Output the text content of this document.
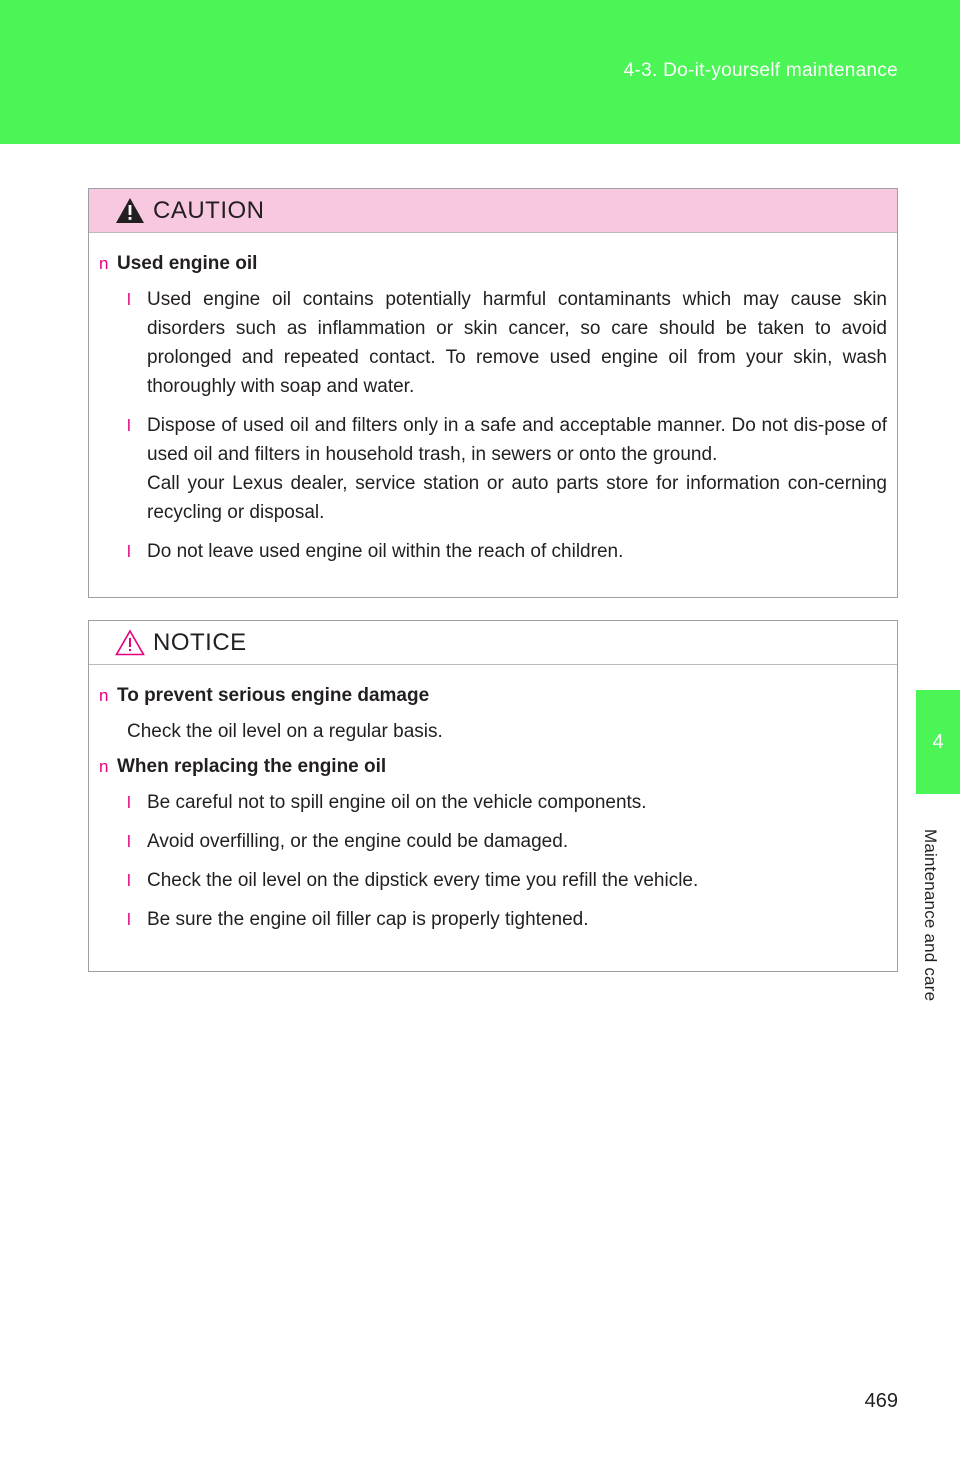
4-3. Do-it-yourself maintenance
4
Maintenance and care
CAUTION
n Used engine oil
l Used engine oil contains potentially harmful contaminants which may cause skin disorders such as inflammation or skin cancer, so care should be taken to avoid prolonged and repeated contact. To remove used engine oil from your skin, wash thoroughly with soap and water.
l Dispose of used oil and filters only in a safe and acceptable manner. Do not dis-pose of used oil and filters in household trash, in sewers or onto the ground.

Call your Lexus dealer, service station or auto parts store for information con-cerning recycling or disposal.

l Do not leave used engine oil within the reach of children.
NOTICE
n To prevent serious engine damage
Check the oil level on a regular basis.
n When replacing the engine oil
l Be careful not to spill engine oil on the vehicle components.
l Avoid overfilling, or the engine could be damaged.
l Check the oil level on the dipstick every time you refill the vehicle.
l Be sure the engine oil filler cap is properly tightened.
469
